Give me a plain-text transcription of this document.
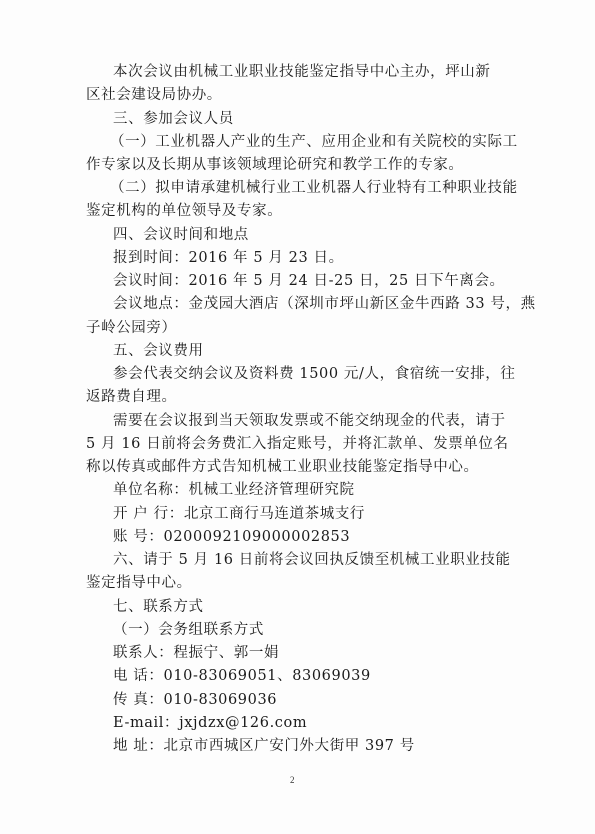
本次会议由机械工业职业技能鉴定指导中心主办，坪山新
区社会建设局协办。
三、参加会议人员
（一）工业机器人产业的生产、应用企业和有关院校的实际工
作专家以及长期从事该领域理论研究和教学工作的专家。
（二）拟申请承建机械行业工业机器人行业特有工种职业技能
鉴定机构的单位领导及专家。
四、会议时间和地点
报到时间：2016 年 5 月 23 日。
会议时间：2016 年 5 月 24 日-25 日，25 日下午离会。
会议地点：金茂园大酒店（深圳市坪山新区金牛西路 33 号，燕
子岭公园旁）
五、会议费用
参会代表交纳会议及资料费 1500 元/人，食宿统一安排，往
返路费自理。
需要在会议报到当天领取发票或不能交纳现金的代表，请于
5 月 16 日前将会务费汇入指定账号，并将汇款单、发票单位名
称以传真或邮件方式告知机械工业职业技能鉴定指导中心。
单位名称：机械工业经济管理研究院
开 户 行：北京工商行马连道茶城支行
账 号：0200092109000002853
六、请于 5 月 16 日前将会议回执反馈至机械工业职业技能
鉴定指导中心。
七、联系方式
（一）会务组联系方式
联系人：程振宁、郭一娟
电 话：010-83069051、83069039
传 真：010-83069036
E-mail：jxjdzx@126.com
地 址：北京市西城区广安门外大街甲 397 号
2
